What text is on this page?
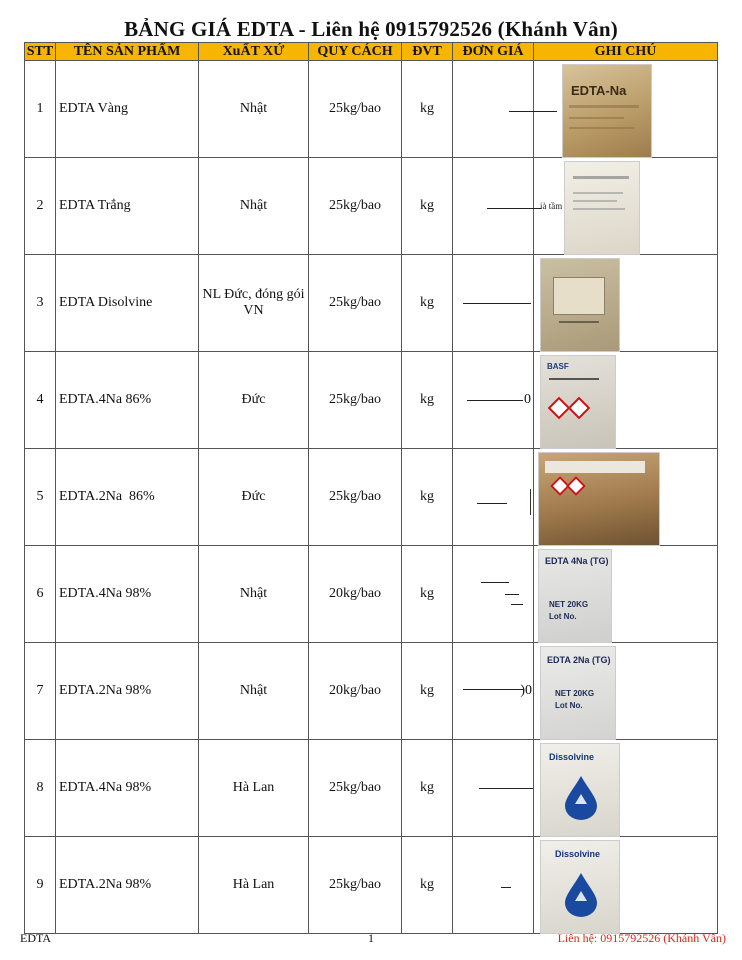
BẢNG GIÁ EDTA - Liên hệ 0915792526 (Khánh Vân)
STT	TÊN SẢN PHẨM	XuẤT XỨ	QUY CÁCH	ĐVT	ĐƠN GIÁ	GHI CHÚ
1	EDTA Vàng	Nhật	25kg/bao	kg		EDTA-Na

2	EDTA Trắng	Nhật	25kg/bao	kg		ià tầm

3	EDTA Disolvine	NL Đức, đóng gói VN	25kg/bao	kg	

4	EDTA.4Na 86%	Đức	25kg/bao	kg	0	BASF

5	EDTA.2Na  86%	Đức	25kg/bao	kg	

6	EDTA.4Na 98%	Nhật	20kg/bao	kg		EDTA 4Na (TG)
NET 20KG
Lot No.

7	EDTA.2Na 98%	Nhật	20kg/bao	kg	)0	EDTA 2Na (TG)
NET 20KG
Lot No.

8	EDTA.4Na 98%	Hà Lan	25kg/bao	kg		Dissolvine

9	EDTA.2Na 98%	Hà Lan	25kg/bao	kg		Dissolvine
EDTA	1	Liên hệ: 0915792526 (Khánh Vân)
